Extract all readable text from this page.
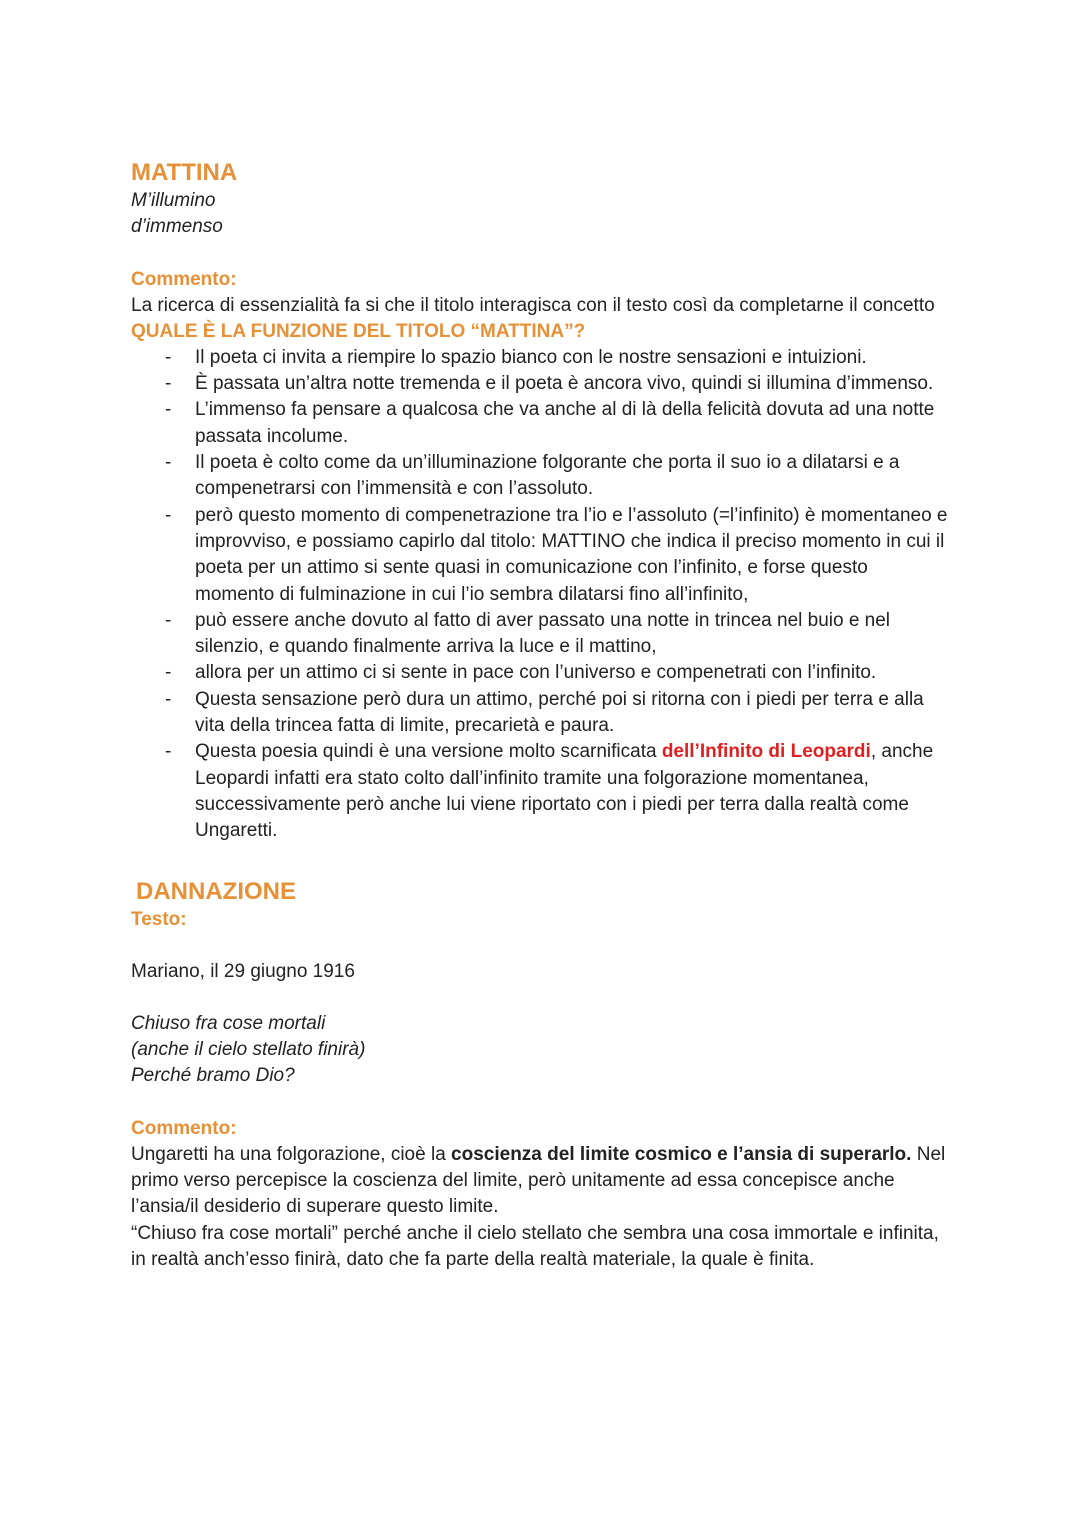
MATTINA

M’illumino

d’immenso

Commento:

La ricerca di essenzialità fa si che il titolo interagisca con il testo così da completarne il concetto

QUALE È LA FUNZIONE DEL TITOLO “MATTINA”?
- Il poeta ci invita a riempire lo spazio bianco con le nostre sensazioni e intuizioni.
- È passata un’altra notte tremenda e il poeta è ancora vivo, quindi si illumina d’immenso.
- L’immenso fa pensare a qualcosa che va anche al di là della felicità dovuta ad una notte passata incolume.
- Il poeta è colto come da un’illuminazione folgorante che porta il suo io a dilatarsi e a compenetrarsi con l’immensità e con l’assoluto.
- però questo momento di compenetrazione tra l’io e l’assoluto (=l’infinito) è momentaneo e improvviso, e possiamo capirlo dal titolo: MATTINO che indica il preciso momento in cui il poeta per un attimo si sente quasi in comunicazione con l’infinito, e forse questo momento di fulminazione in cui l’io sembra dilatarsi fino all’infinito,
- può essere anche dovuto al fatto di aver passato una notte in trincea nel buio e nel silenzio, e quando finalmente arriva la luce e il mattino,
- allora per un attimo ci si sente in pace con l’universo e compenetrati con l’infinito.
- Questa sensazione però dura un attimo, perché poi si ritorna con i piedi per terra e alla vita della trincea fatta di limite, precarietà e paura.
- Questa poesia quindi è una versione molto scarnificata dell’Infinito di Leopardi, anche Leopardi infatti era stato colto dall’infinito tramite una folgorazione momentanea, successivamente però anche lui viene riportato con i piedi per terra dalla realtà come Ungaretti.
DANNAZIONE
Testo:

Mariano, il 29 giugno 1916

Chiuso fra cose mortali

(anche il cielo stellato finirà)

Perché bramo Dio?

Commento:

Ungaretti ha una folgorazione, cioè la coscienza del limite cosmico e l’ansia di superarlo. Nel primo verso percepisce la coscienza del limite, però unitamente ad essa concepisce anche l’ansia/il desiderio di superare questo limite.

“Chiuso fra cose mortali” perché anche il cielo stellato che sembra una cosa immortale e infinita, in realtà anch’esso finirà, dato che fa parte della realtà materiale, la quale è finita.
